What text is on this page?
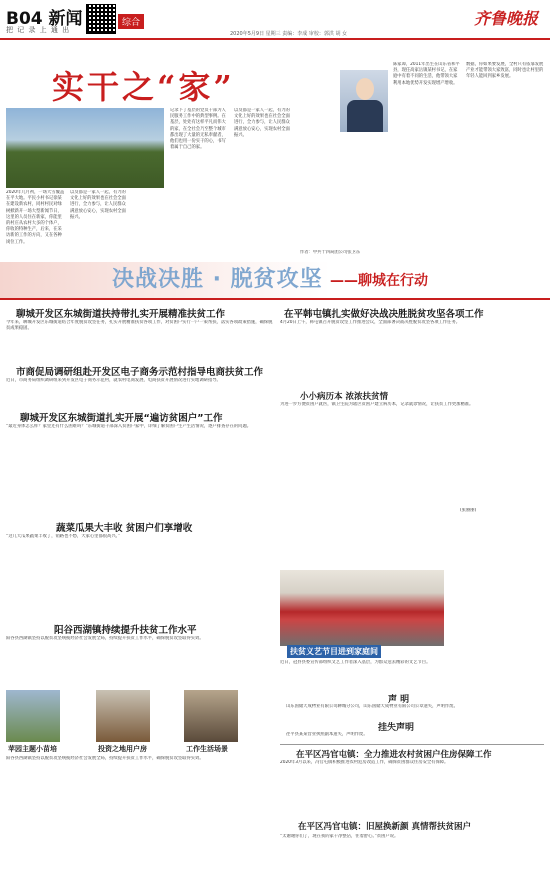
B04 新闻
把 记 录 上 通 出
综合
2020年5月9日 星期三 责编：李成 审校：郭洪 胡 女
齐鲁晚报
实干之“家”
2020年几月初，一场大雪覆盖在平大地。平民小村书记徐某在建设新农村，同村村民对绿树掀新开一场大型新闻节日，这里的人员住在新家，你能里的村庄从农村大多的个体户，你收的特种生产，后来，在采访新的工作的方向，又在各种岗位工作。
以及都是一家人一起，有力的文化上好的效果也在社会全面进行，全力参与，让人民群众满意放心安心，实现农村全面振兴。
记录下了基层的党员干部为人民服务工作中的典型事例。在基层，处处有这样平凡而伟大的家，在全社会乃至整个城市都出现了大量的无私奉献者，他们也用一份实干的心，书写着属于自己的家。
以及都是一家人一起，有力的文化上好的效果也在社会全面进行，全力参与，让人民群众满意放心安心，实现农村全面振兴。
陈家谭，2011年出生在山东省和平县，现任高家岳镇某村书记，在家庭中有着不同的生活，他带领大家利用本地优势开发实现增产增收。
数据，你如果要发展，全村只有依靠发展产业才能带领大家致富，同时也让村里的年轻人能回到家乡发展。
作者：中共十四局团公司张卫东
决战决胜 · 脱贫攻坚 ——聊城在行动
聊城开发区东城街道扶持带扎实开展精准扶贫工作
今年来，聊城开发区东城街道结合年度脱贫攻坚任务，扎实开展精准扶贫各项工作，对贫困户实行一户一策帮扶，落实各项政策措施，确保脱贫成果稳固。
市商促局调研组赴开发区电子商务示范村指导电商扶贫工作
近日，市商务局组织调研组来到开发区电子商务示范村，就农村电商发展、电商扶贫开展情况进行实地调研指导。
聊城开发区东城街道扎实开展“遍访贫困户”工作
“最近身体怎么样？家里还有什么困难吗？”东城街道干部深入贫困户家中，详细了解贫困户生产生活情况，逐户排查存在的问题。
蔬菜瓜果大丰收 贫困户们享增收
“这几天瓜果蔬菜丰收了，销路也不愁，大家心里都很高兴。”
阳谷西湖镇持续提升扶贫工作水平
阳谷县西湖镇坚持以脱贫攻坚统揽经济社会发展全局，持续提升扶贫工作水平，确保脱贫攻坚取得实效。
苹园主题小苗培	投资之地用户房	工作生活场景
阳谷县西湖镇坚持以脱贫攻坚统揽经济社会发展全局，持续提升扶贫工作水平，确保脱贫攻坚取得实效。
在平韩屯镇扎实做好决战决胜脱贫攻坚各项工作
4月20日上午，韩屯镇召开脱贫攻坚工作推进会议，全面部署决战决胜脱贫攻坚各项工作任务。
小小病历本 浓浓扶贫情
为进一步方便贫困户就医，镇卫生院为辖区贫困户建立病历本，记录就诊情况，让扶贫工作更加精准。
(张丽丽)
扶贫义艺节目进到家庭间
近日，冠县县委宣传部组织文艺工作者深入基层，为群众送去精彩的文艺节目。
声 明
山东国储天成物业有限公司聊城分公司，山东国储天成物业有限公司公章遗失，声明作废。
挂失声明
荏平县某某营业执照副本遗失，声明作废。
在平区冯官屯镇：全力推进农村贫困户住房保障工作
2020年3月以来，冯官屯镇积极推进农村危房改造工作，确保贫困群众住房安全有保障。
在平区冯官屯镇：旧屋换新颜 真情帮扶贫困户
“太谢谢你们了，现在我的家干净整洁，住着舒心。”贫困户说。
